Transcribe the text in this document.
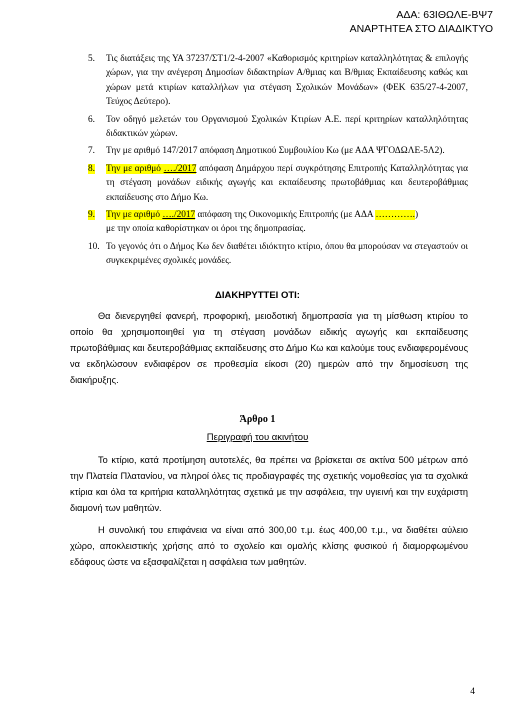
ΑΔΑ: 63ΙΘΩΛΕ-ΒΨ7
ΑΝΑΡΤΗΤΕΑ ΣΤΟ ΔΙΑΔΙΚΤΥΟ
5.	Τις διατάξεις της ΥΑ 37237/ΣΤ1/2-4-2007 «Καθορισμός κριτηρίων καταλληλότητας & επιλογής χώρων, για την ανέγερση Δημοσίων διδακτηρίων Α/θμιας και Β/θμιας Εκπαίδευσης καθώς και χώρων μετά κτιρίων καταλλήλων για στέγαση Σχολικών Μονάδων» (ΦΕΚ 635/27-4-2007, Τεύχος Δεύτερο).
6.	Τον οδηγό μελετών του Οργανισμού Σχολικών Κτιρίων Α.Ε. περί κριτηρίων καταλληλότητας διδακτικών χώρων.
7.	Την με αριθμό 147/2017 απόφαση Δημοτικού Συμβουλίου Κω (με ΑΔΑ ΨΓΟΔΩΛΕ-5Λ2).
8.	Την με αριθμό …./2017 απόφαση Δημάρχου περί συγκρότησης Επιτροπής Καταλληλότητας για τη στέγαση μονάδων ειδικής αγωγής και εκπαίδευσης πρωτοβάθμιας και δευτεροβάθμιας εκπαίδευσης στο Δήμο Κω.
9.	Την με αριθμό …./2017 απόφαση της Οικονομικής Επιτροπής (με ΑΔΑ ………….)
με την οποία καθορίστηκαν οι όροι της δημοπρασίας.
10. Το γεγονός ότι ο Δήμος Κω δεν διαθέτει ιδιόκτητο κτίριο, όπου θα μπορούσαν να στεγαστούν οι συγκεκριμένες σχολικές μονάδες.
ΔΙΑΚΗΡΥΤΤΕΙ ΟΤΙ:
Θα διενεργηθεί φανερή, προφορική, μειοδοτική δημοπρασία για τη μίσθωση κτιρίου το οποίο θα χρησιμοποιηθεί για τη στέγαση μονάδων ειδικής αγωγής και εκπαίδευσης πρωτοβάθμιας και δευτεροβάθμιας εκπαίδευσης στο Δήμο Κω και καλούμε τους ενδιαφερομένους να εκδηλώσουν ενδιαφέρον σε προθεσμία είκοσι (20) ημερών από την δημοσίευση της διακήρυξης.
Άρθρο 1
Περιγραφή του ακινήτου
Το κτίριο, κατά προτίμηση αυτοτελές, θα πρέπει να βρίσκεται σε ακτίνα 500 μέτρων από την Πλατεία Πλατανίου, να πληροί όλες τις προδιαγραφές της σχετικής νομοθεσίας για τα σχολικά κτίρια και όλα τα κριτήρια καταλληλότητας σχετικά με την ασφάλεια, την υγιεινή και την ευχάριστη διαμονή των μαθητών.
4
Η συνολική του επιφάνεια να είναι από 300,00 τ.μ. έως 400,00 τ.μ., να διαθέτει αύλειο χώρο, αποκλειστικής χρήσης από το σχολείο και ομαλής κλίσης φυσικού ή διαμορφωμένου εδάφους ώστε να εξασφαλίζεται η ασφάλεια των μαθητών.
